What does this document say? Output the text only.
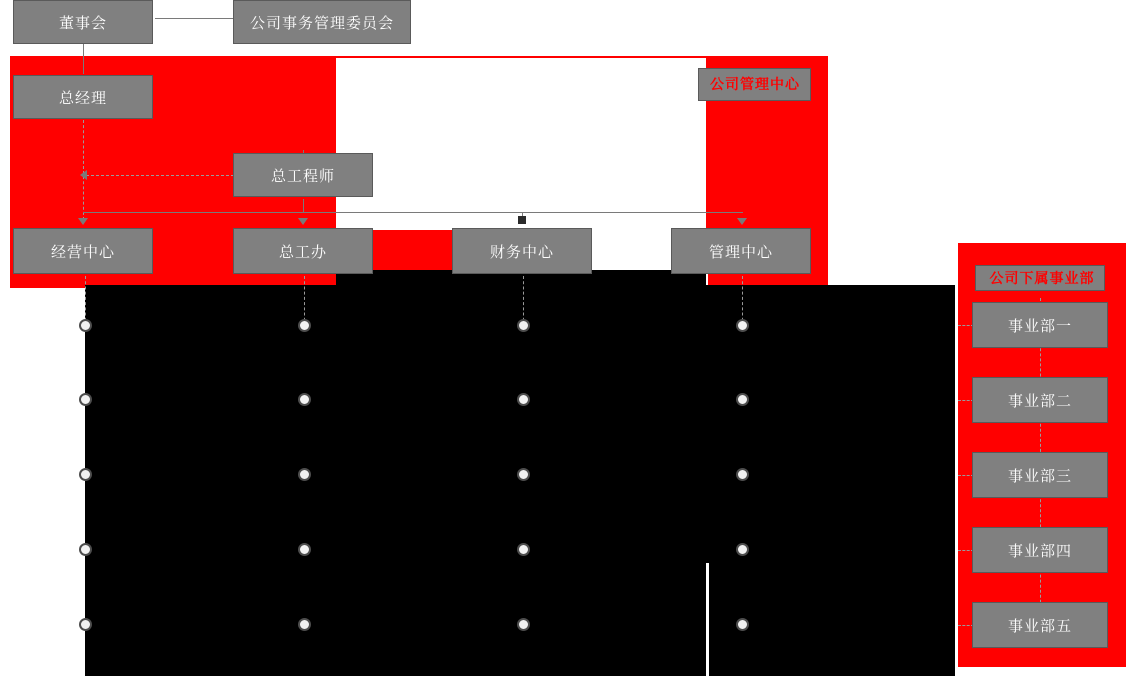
董事会	公司事务管理委员会
总经理
总工程师
经营中心	总工办	财务中心	管理中心
公司管理中心
公司下属事业部
事业部一
事业部二
事业部三
事业部四
事业部五
